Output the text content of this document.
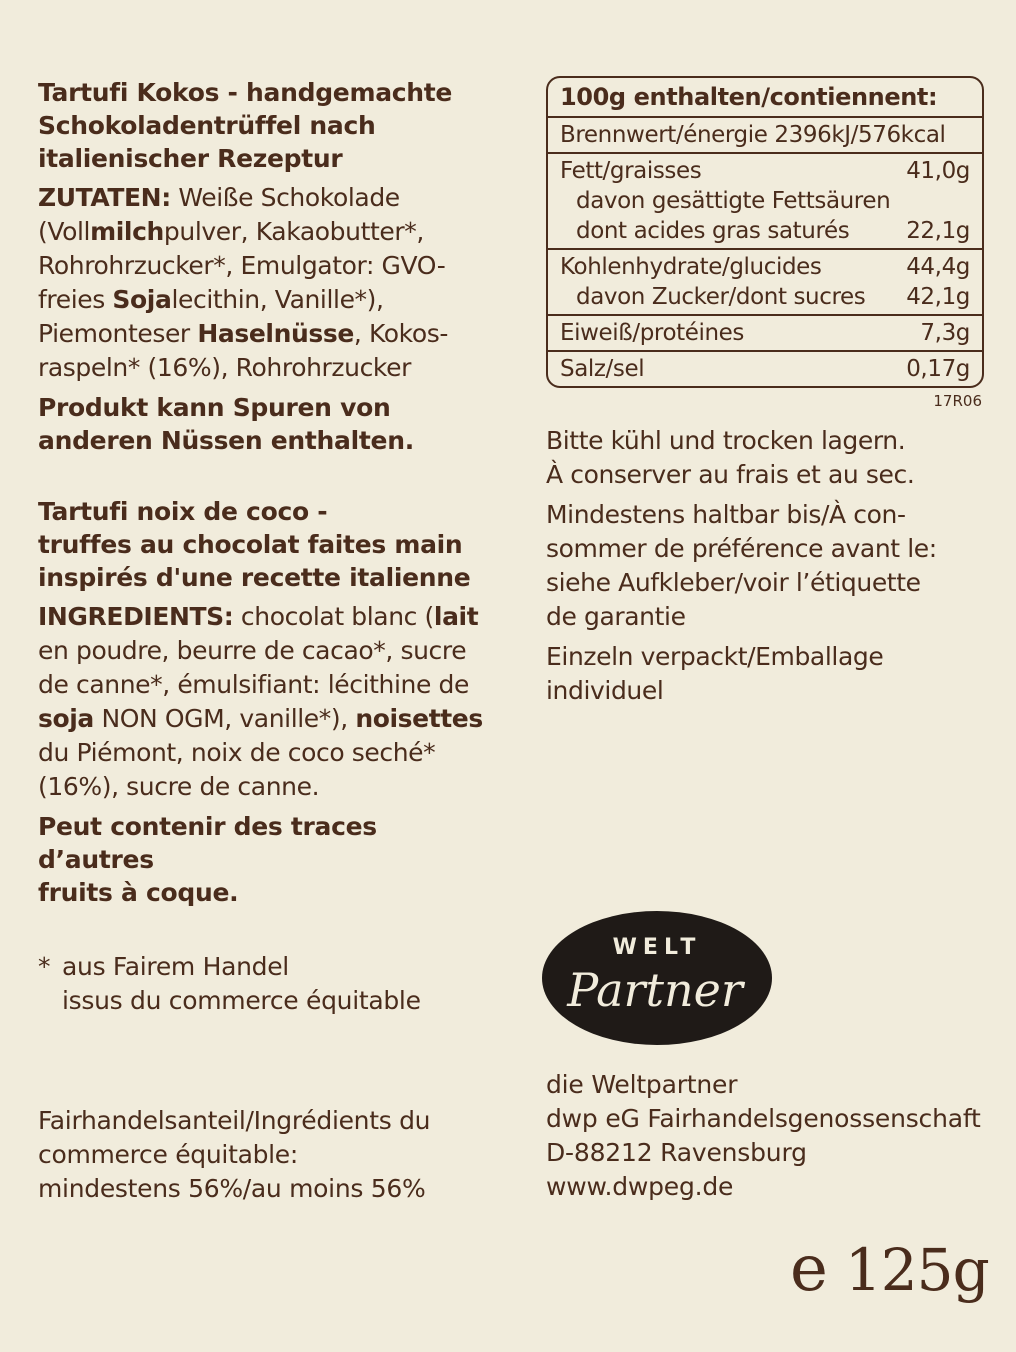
Tartufi Kokos - handgemachte
Schokoladentrüffel nach
italienischer Rezeptur

ZUTATEN: Weiße Schokolade (Vollmilchpulver, Kakaobutter*, Rohrohrzucker*, Emulgator: GVO-freies Sojalecithin, Vanille*), Piemonteser Haselnüsse, Kokos-raspeln* (16%), Rohrohrzucker

Produkt kann Spuren von
anderen Nüssen enthalten.

Tartufi noix de coco -
truffes au chocolat faites main
inspirés d'une recette italienne

INGREDIENTS: chocolat blanc (lait en poudre, beurre de cacao*, sucre de canne*, émulsifiant: lécithine de soja NON OGM, vanille*), noisettes du Piémont, noix de coco seché* (16%), sucre de canne.

Peut contenir des traces d’autres
fruits à coque.

* aus Fairem Handel
issus du commerce équitable
Fairhandelsanteil/Ingrédients du
commerce équitable:
mindestens 56%/au moins 56%
100g enthalten/contiennent:
Brennwert/énergie 2396kJ/576kcal
Fett/graisses	41,0g
davon gesättigte Fettsäuren
dont acides gras saturés 22,1g
Kohlenhydrate/glucides	44,4g
davon Zucker/dont sucres 42,1g
Eiweiß/protéines	7,3g
Salz/sel	0,17g
17R06

Bitte kühl und trocken lagern.
À conserver au frais et au sec.

Mindestens haltbar bis/À con-
sommer de préférence avant le:
siehe Aufkleber/voir l’étiquette
de garantie

Einzeln verpackt/Emballage
individuel

WELT
Partner
die Weltpartner
dwp eG Fairhandelsgenossenschaft
D-88212 Ravensburg
www.dwpeg.de
e 125g
